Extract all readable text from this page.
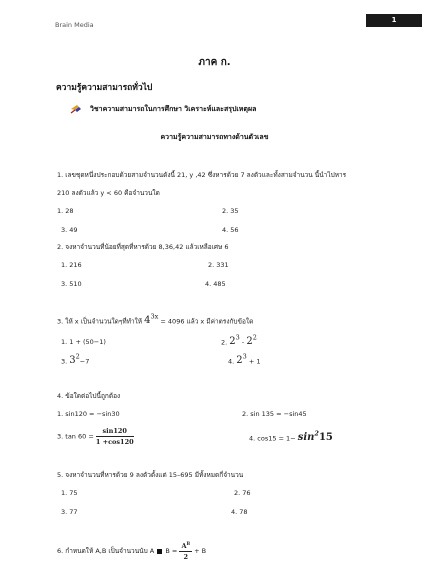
Brain Media
1
ภาค ก.
ความรู้ความสามารถทั่วไป
วิชาความสามารถในการศึกษา วิเคราะห์และสรุปเหตุผล
ความรู้ความสามารถทางด้านตัวเลข
1. เลขชุดหนึ่งประกอบด้วยสามจำนวนดังนี้ 21, y ,42 ซึ่งหารด้วย 7 ลงตัวและทั้งสามจำนวน นี้นำไปหาร
210 ลงตัวแล้ว y < 60 คือจำนวนใด
1. 28	2. 35
3. 49	4. 56
2. จงหาจำนวนที่น้อยที่สุดที่หารด้วย 8,36,42 แล้วเหลือเศษ 6
1. 216	2. 331
3. 510	4. 485
3. ให้ x เป็นจำนวนใดๆที่ทำให้ $4^{3x} = 4096$ แล้ว x มีค่าตรงกับข้อใด
1. 1 + (50−1)	2. $2^3 - 2^2$
3. $3^2-7$	4. $2^3 + 1$
4. ข้อใดต่อไปนี้ถูกต้อง
1. sin120 = −sin30	2. sin 135 = −sin45
3. $\tan 60 = \frac{\sin 120}{1 +\cos 120}$	4. $\cos 15 = 1- \sin^215$
5. จงหาจำนวนที่หารด้วย 9 ลงตัวตั้งแต่ 15–695 มีทั้งหมดกี่จำนวน
1. 75	2. 76
3. 77	4. 78
6. กำหนดให้ A,B เป็นจำนวนนับ A $B = \frac{A^B}{2} + B$
